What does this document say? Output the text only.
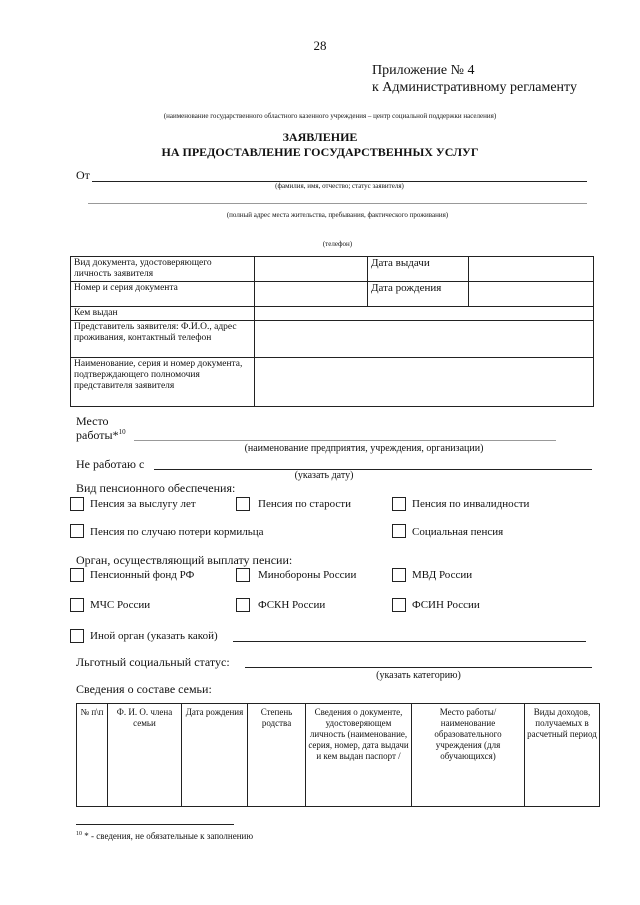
28
Приложение № 4
к Административному регламенту
(наименование государственного областного казенного учреждения – центр социальной поддержки населения)
ЗАЯВЛЕНИЕ
НА ПРЕДОСТАВЛЕНИЕ ГОСУДАРСТВЕННЫХ УСЛУГ
От
(фамилия, имя, отчество; статус заявителя)
(полный адрес места жительства, пребывания, фактического проживания)
(телефон)
Вид документа, удостоверяющего личность заявителя		Дата выдачи	
Номер и серия документа		Дата рождения	
Кем выдан			
Представитель заявителя: Ф.И.О., адрес проживания, контактный телефон			
Наименование, серия и номер документа, подтверждающего полномочия представителя заявителя			
Место
работы*$^{10}$
(наименование предприятия, учреждения, организации)
Не работаю с
(указать дату)
Вид пенсионного обеспечения:
Пенсия за выслугу лет	Пенсия по старости	Пенсия по инвалидности
Пенсия по случаю потери кормильца	Социальная пенсия
Орган, осуществляющий выплату пенсии:
Пенсионный фонд РФ	Минобороны России	МВД России
МЧС России	ФСКН России	ФСИН России
Иной орган (указать какой)
Льготный социальный статус:
(указать категорию)
Сведения о составе семьи:
№ п\п	Ф. И. О. члена семьи	Дата рождения	Степень родства	Сведения о документе, удостоверяющем личность (наименование, серия, номер, дата выдачи и кем выдан паспорт /	Место работы/ наименование образовательного учреждения (для обучающихся)	Виды доходов, получаемых в расчетный период
$^{10}$ * - сведения, не обязательные к заполнению
